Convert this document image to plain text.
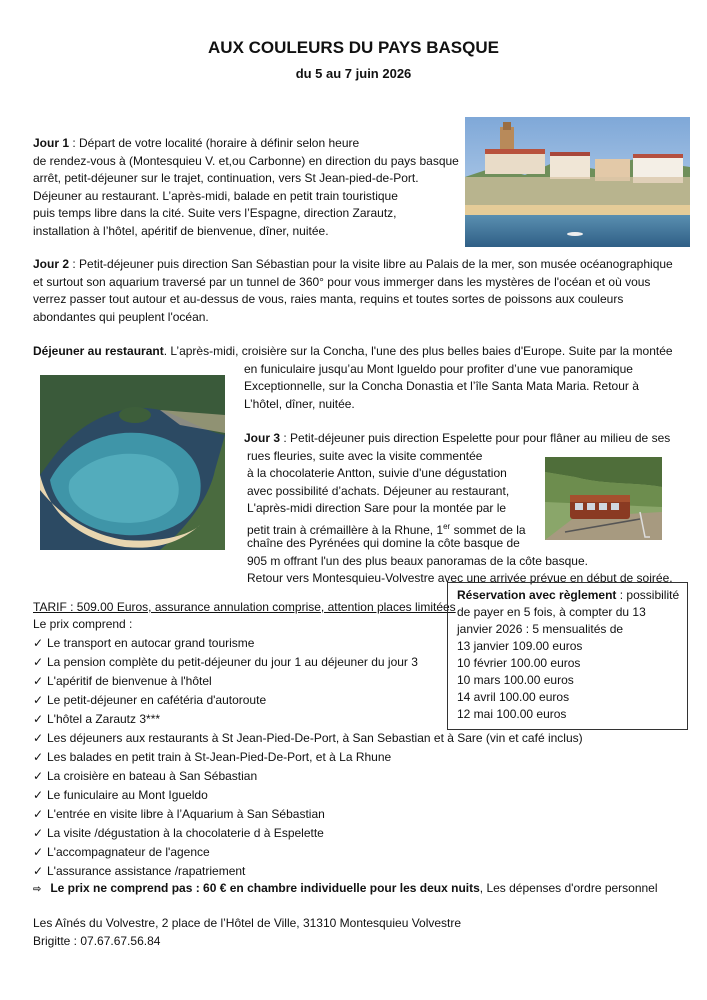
AUX COULEURS DU PAYS BASQUE
du 5 au 7 juin 2026
Jour 1 : Départ de votre localité (horaire à définir selon heure
de rendez-vous à (Montesquieu V. et,ou Carbonne) en direction du pays basque
arrêt, petit-déjeuner sur le trajet, continuation, vers St Jean-pied-de-Port.
Déjeuner au restaurant. L’après-midi, balade en petit train touristique
puis temps libre dans la cité. Suite vers l’Espagne, direction Zarautz,
installation à l’hôtel, apéritif de bienvenue, dîner, nuitée.
Jour 2 : Petit-déjeuner puis direction San Sébastian pour la visite libre au Palais de la mer, son musée océanographique
et surtout son aquarium traversé par un tunnel de 360° pour vous immerger dans les mystères de l'océan et où vous
verrez passer tout autour et au-dessus de vous, raies manta, requins et toutes sortes de poissons aux couleurs
abondantes qui peuplent l'océan.
Déjeuner au restaurant. L’après-midi, croisière sur la Concha, l'une des plus belles baies d'Europe. Suite par la montée
en funiculaire jusqu’au Mont Igueldo pour profiter d’une vue panoramique
Exceptionnelle, sur la Concha Donastia et l’île Santa Mata Maria. Retour à
L’hôtel, dîner, nuitée.
Jour 3 : Petit-déjeuner puis direction Espelette pour pour flâner au milieu de ses
rues fleuries, suite avec la visite commentée
à la chocolaterie Antton, suivie d'une dégustation
avec possibilité d’achats. Déjeuner au restaurant,
L'après-midi direction Sare pour la montée par le
petit train à crémaillère à la Rhune, 1er sommet de la
chaîne des Pyrénées qui domine la côte basque de
905 m offrant l'un des plus beaux panoramas de la côte basque.
Retour vers Montesquieu-Volvestre avec une arrivée prévue en début de soirée.
TARIF : 509.00 Euros, assurance annulation comprise, attention places limitées
Le prix comprend :
✓ Le transport en autocar grand tourisme
✓ La pension complète du petit-déjeuner du jour 1 au déjeuner du jour 3
✓ L'apéritif de bienvenue à l'hôtel
✓ Le petit-déjeuner en cafétéria d'autoroute
✓ L'hôtel a Zarautz 3***
✓ Les déjeuners aux restaurants à St Jean-Pied-De-Port, à San Sebastian et à Sare (vin et café inclus)
✓ Les balades en petit train à St-Jean-Pied-De-Port, et à La Rhune
✓ La croisière en bateau à San Sébastian
✓ Le funiculaire au Mont Igueldo
✓ L'entrée en visite libre à l’Aquarium à San Sébastian
✓ La visite /dégustation à la chocolaterie d à Espelette
✓ L'accompagnateur de l'agence
✓ L'assurance assistance /rapatriement
⇨ Le prix ne comprend pas : 60 € en chambre individuelle pour les deux nuits, Les dépenses d'ordre personnel
Réservation avec règlement : possibilité
de payer en 5 fois, à compter du 13
janvier 2026 : 5 mensualités de
13 janvier 109.00 euros
10 février 100.00 euros
10 mars 100.00 euros
14 avril 100.00 euros
12 mai 100.00 euros
Les Aînés du Volvestre, 2 place de l’Hôtel de Ville, 31310 Montesquieu Volvestre
Brigitte : 07.67.67.56.84
